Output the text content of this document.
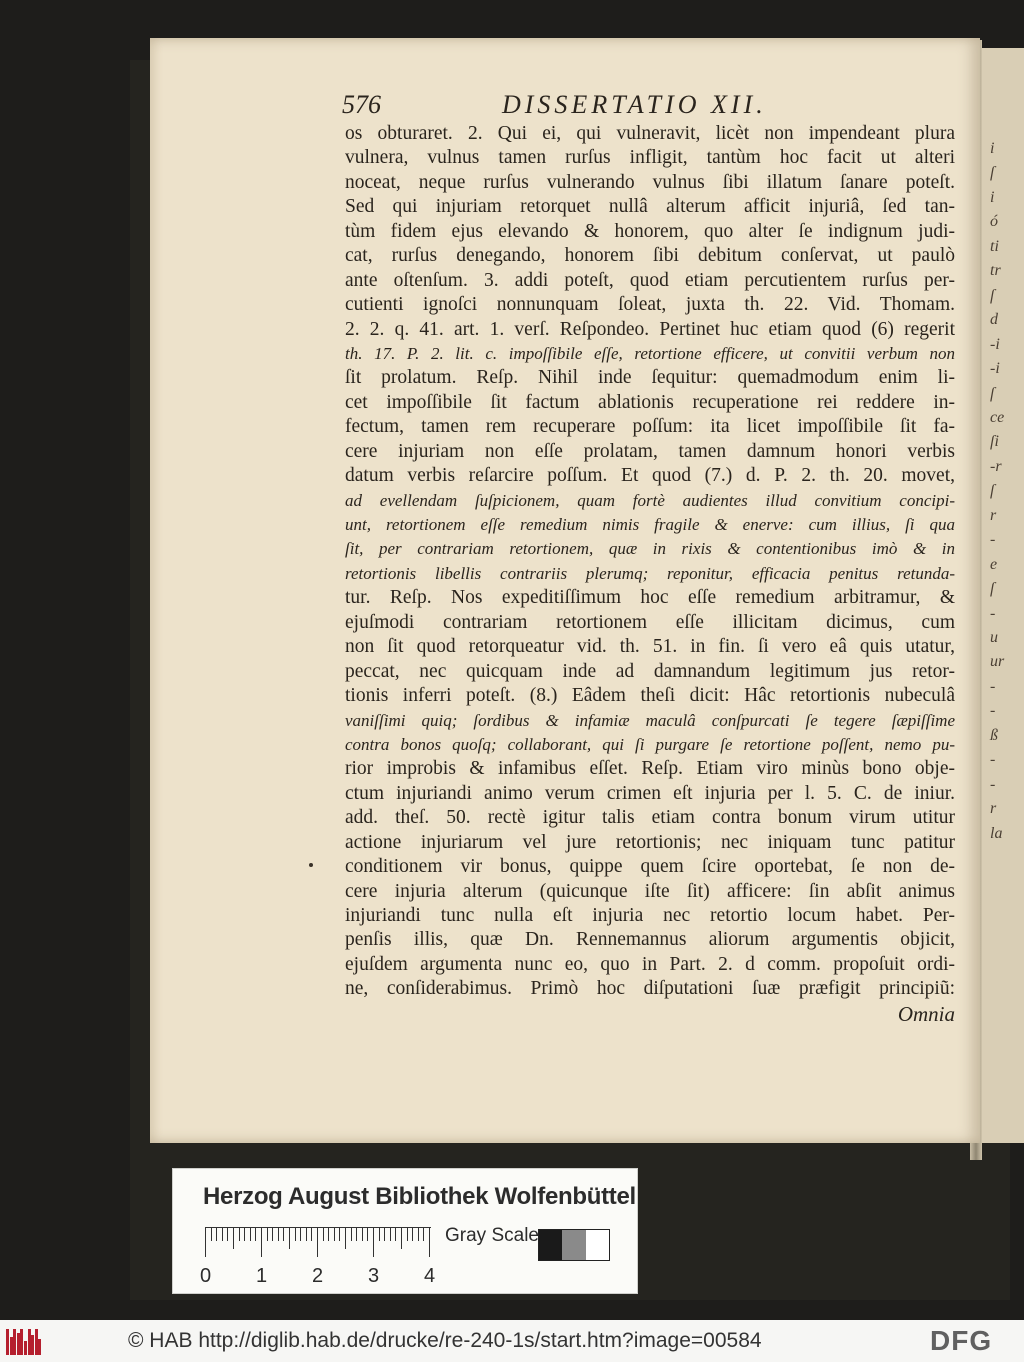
i
ſ
i
ó
ti
tr
ſ
d
-i
-i
ſ
ce
ſi
-r
ſ
r
-
e
ſ
-
u
ur
-
-
ß
-
-
r
la
576	DISSERTATIO XII.
os obturaret. 2. Qui ei, qui vulneravit, licèt non impendeant plura
vulnera, vulnus tamen rurſus infligit, tantùm hoc facit ut alteri
noceat, neque rurſus vulnerando vulnus ſibi illatum ſanare poteſt.
Sed qui injuriam retorquet nullâ alterum afficit injuriâ, ſed tan-
tùm fidem ejus elevando & honorem, quo alter ſe indignum judi-
cat, rurſus denegando, honorem ſibi debitum conſervat, ut paulò
ante oſtenſum. 3. addi poteſt, quod etiam percutientem rurſus per-
cutienti ignoſci nonnunquam ſoleat, juxta th. 22. Vid. Thomam.
2. 2. q. 41. art. 1. verſ. Reſpondeo. Pertinet huc etiam quod (6) regerit
th. 17. P. 2. lit. c. impoſſibile eſſe, retortione efficere, ut convitii verbum non
ſit prolatum. Reſp. Nihil inde ſequitur: quemadmodum enim li-
cet impoſſibile ſit factum ablationis recuperatione rei reddere in-
fectum, tamen rem recuperare poſſum: ita licet impoſſibile ſit fa-
cere injuriam non eſſe prolatam, tamen damnum honori verbis
datum verbis reſarcire poſſum. Et quod (7.) d. P. 2. th. 20. movet,
ad evellendam ſuſpicionem, quam fortè audientes illud convitium concipi-
unt, retortionem eſſe remedium nimis fragile & enerve: cum illius, ſi qua
ſit, per contrariam retortionem, quæ in rixis & contentionibus imò & in
retortionis libellis contrariis plerumq; reponitur, efficacia penitus retunda-
tur. Reſp. Nos expeditiſſimum hoc eſſe remedium arbitramur, &
ejuſmodi contrariam retortionem eſſe illicitam dicimus, cum
non ſit quod retorqueatur vid. th. 51. in fin. ſi vero eâ quis utatur,
peccat, nec quicquam inde ad damnandum legitimum jus retor-
tionis inferri poteſt. (8.) Eâdem theſi dicit: Hâc retortionis nubeculâ
vaniſſimi quiq; ſordibus & infamiæ maculâ conſpurcati ſe tegere ſæpiſſime
contra bonos quoſq; collaborant, qui ſi purgare ſe retortione poſſent, nemo pu-
rior improbis & infamibus eſſet. Reſp. Etiam viro minùs bono obje-
ctum injuriandi animo verum crimen eſt injuria per l. 5. C. de iniur.
add. theſ. 50. rectè igitur talis etiam contra bonum virum utitur
actione injuriarum vel jure retortionis; nec iniquam tunc patitur
conditionem vir bonus, quippe quem ſcire oportebat, ſe non de-
cere injuria alterum (quicunque iſte ſit) afficere: ſin abſit animus
injuriandi tunc nulla eſt injuria nec retortio locum habet. Per-
penſis illis, quæ Dn. Rennemannus aliorum argumentis objicit,
ejuſdem argumenta nunc eo, quo in Part. 2. d comm. propoſuit ordi-
ne, conſiderabimus. Primò hoc diſputationi ſuæ præfigit principiũ:
Omnia
Herzog August Bibliothek Wolfenbüttel
0 1 2 3 4
Gray Scale
© HAB http://diglib.hab.de/drucke/re-240-1s/start.htm?image=00584	DFG
